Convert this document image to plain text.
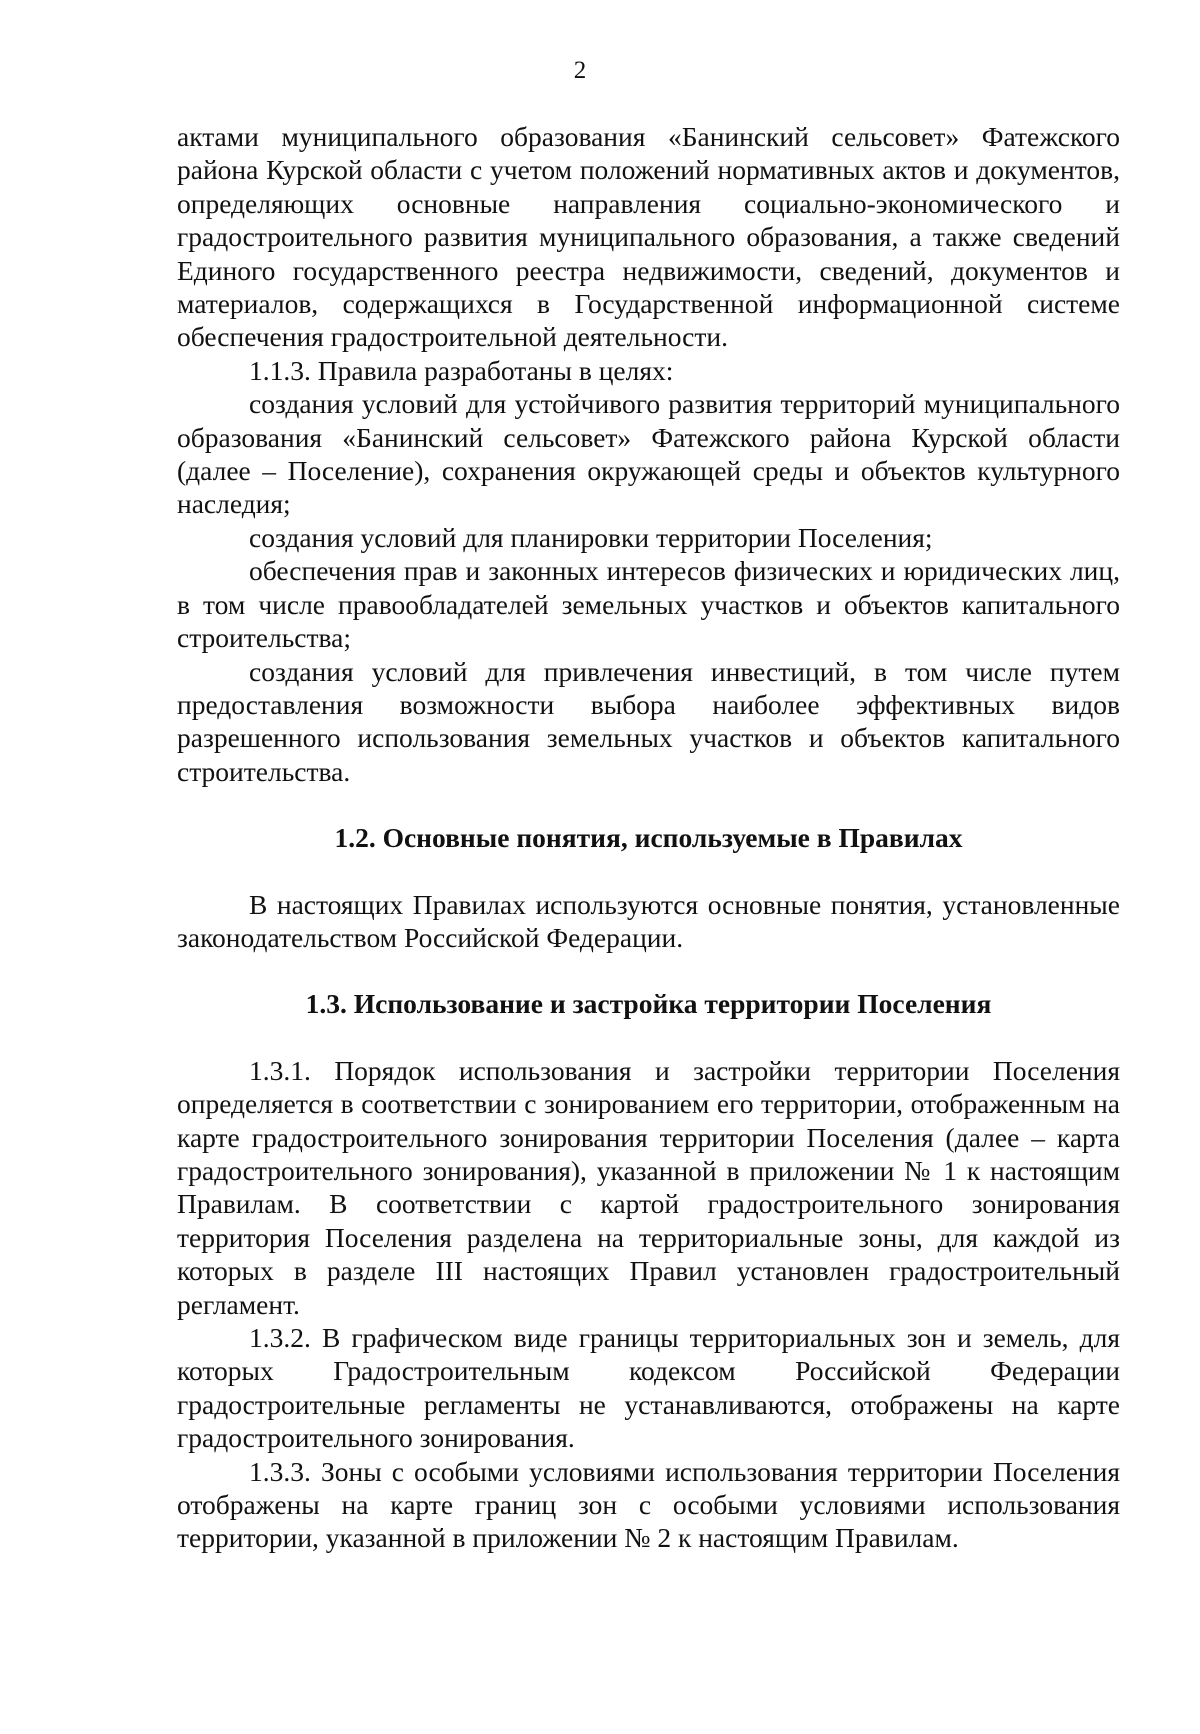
2

актами муниципального образования «Банинский сельсовет» Фатежского района Курской области с учетом положений нормативных актов и документов, определяющих основные направления социально-экономического и градостроительного развития муниципального образования, а также сведений Единого государственного реестра недвижимости, сведений, документов и материалов, содержащихся в Государственной информационной системе обеспечения градостроительной деятельности.

1.1.3. Правила разработаны в целях:

создания условий для устойчивого развития территорий муниципального образования «Банинский сельсовет» Фатежского района Курской области (далее – Поселение), сохранения окружающей среды и объектов культурного наследия;

создания условий для планировки территории Поселения;

обеспечения прав и законных интересов физических и юридических лиц, в том числе правообладателей земельных участков и объектов капитального строительства;

создания условий для привлечения инвестиций, в том числе путем предоставления возможности выбора наиболее эффективных видов разрешенного использования земельных участков и объектов капитального строительства.

1.2. Основные понятия, используемые в Правилах

В настоящих Правилах используются основные понятия, установленные законодательством Российской Федерации.

1.3. Использование и застройка территории Поселения

1.3.1. Порядок использования и застройки территории Поселения определяется в соответствии с зонированием его территории, отображенным на карте градостроительного зонирования территории Поселения (далее – карта градостроительного зонирования), указанной в приложении № 1 к настоящим Правилам. В соответствии с картой градостроительного зонирования территория Поселения разделена на территориальные зоны, для каждой из которых в разделе III настоящих Правил установлен градостроительный регламент.

1.3.2. В графическом виде границы территориальных зон и земель, для которых Градостроительным кодексом Российской Федерации градостроительные регламенты не устанавливаются, отображены на карте градостроительного зонирования.

1.3.3. Зоны с особыми условиями использования территории Поселения отображены на карте границ зон с особыми условиями использования территории, указанной в приложении № 2 к настоящим Правилам.
